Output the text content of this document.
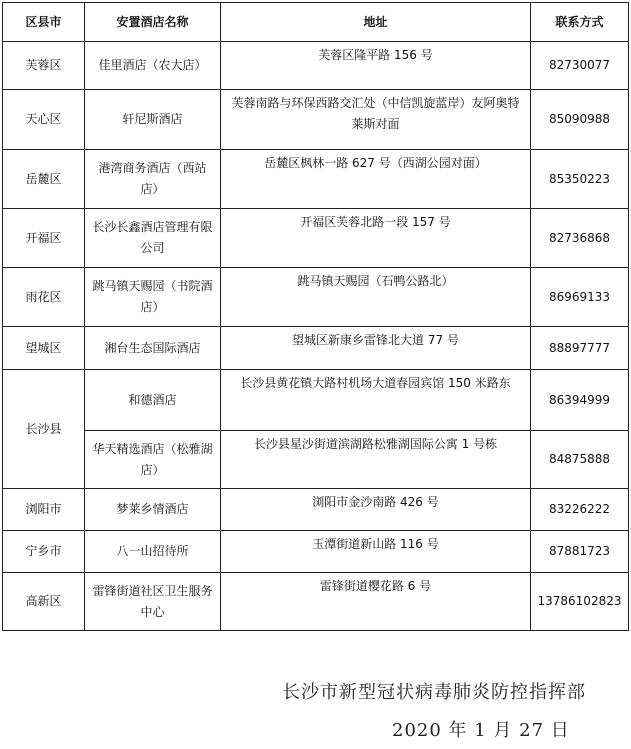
区县市	安置酒店名称	地址	联系方式
芙蓉区	佳里酒店（农大店）	芙蓉区隆平路 156 号	82730077
天心区	轩尼斯酒店	芙蓉南路与环保西路交汇处（中信凯旋蓝岸）友阿奥特莱斯对面	85090988
岳麓区	港湾商务酒店（西站店）	岳麓区枫林一路 627 号（西湖公园对面）	85350223
开福区	长沙长鑫酒店管理有限公司	开福区芙蓉北路一段 157 号	82736868
雨花区	跳马镇天赐园（书院酒店）	跳马镇天赐园（石鸭公路北）	86969133
望城区	湘台生态国际酒店	望城区新康乡雷锋北大道 77 号	88897777
长沙县	和德酒店	长沙县黄花镇大路村机场大道春园宾馆 150 米路东	86394999
	华天精选酒店（松雅湖店）	长沙县星沙街道滨湖路松雅湖国际公寓 1 号栋	84875888
浏阳市	梦莱乡情酒店	浏阳市金沙南路 426 号	83226222
宁乡市	八一山招待所	玉潭街道新山路 116 号	87881723
高新区	雷锋街道社区卫生服务中心	雷锋街道樱花路 6 号	13786102823
长沙市新型冠状病毒肺炎防控指挥部
2020 年 1 月 27 日
